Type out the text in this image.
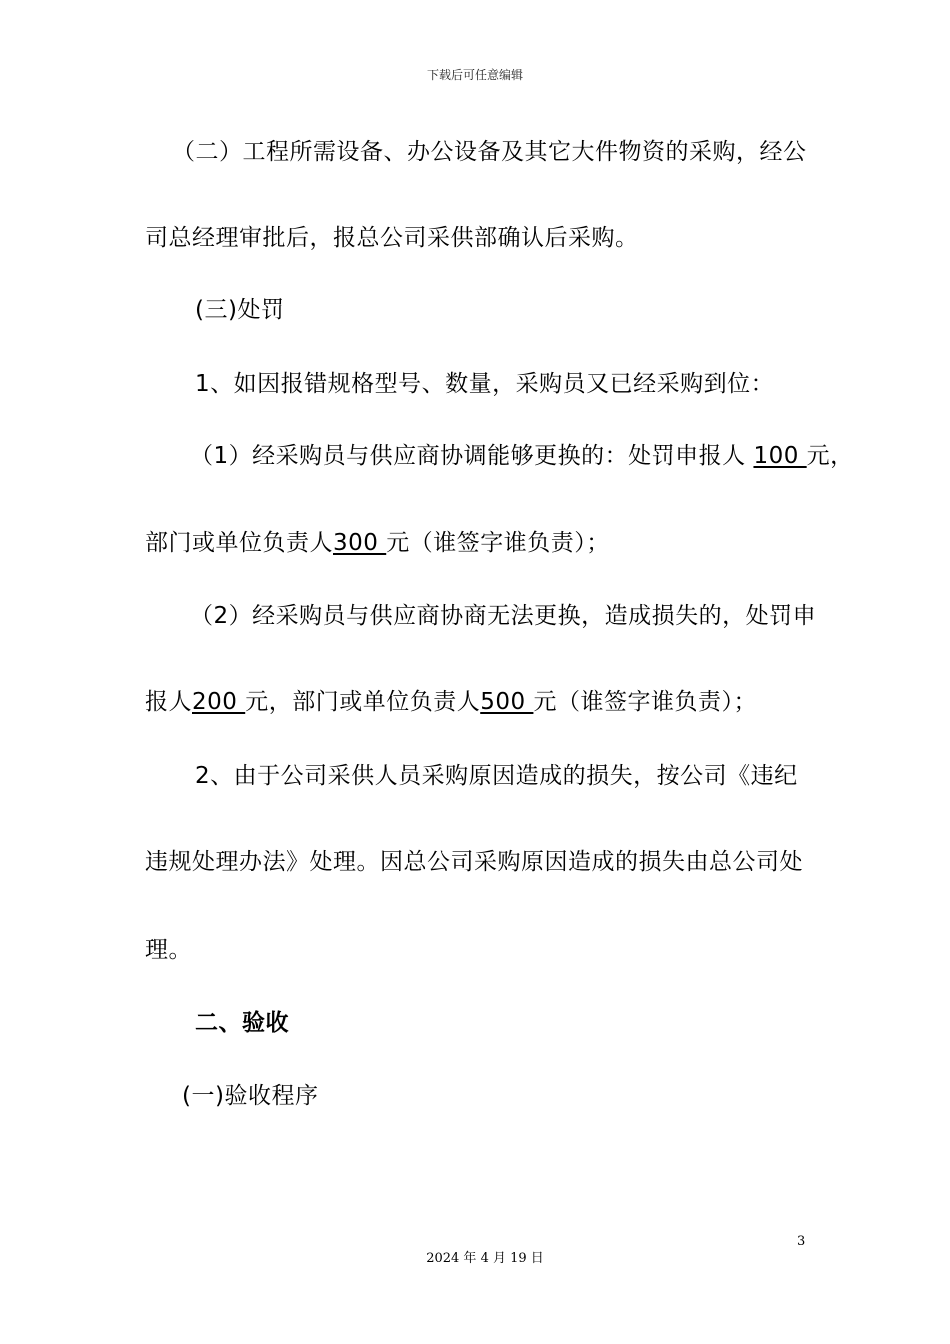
下载后可任意编辑
（二）工程所需设备、办公设备及其它大件物资的采购，经公
司总经理审批后，报总公司采供部确认后采购。
(三)处罚
1、如因报错规格型号、数量，采购员又已经采购到位：
（1）经采购员与供应商协调能够更换的：处罚申报人 100 元，
部门或单位负责人300 元（谁签字谁负责）；
（2）经采购员与供应商协商无法更换，造成损失的，处罚申
报人200 元，部门或单位负责人500 元（谁签字谁负责）；
2、由于公司采供人员采购原因造成的损失，按公司《违纪
违规处理办法》处理。因总公司采购原因造成的损失由总公司处
理。
二、验收
(一)验收程序
3
2024 年 4 月 19 日
